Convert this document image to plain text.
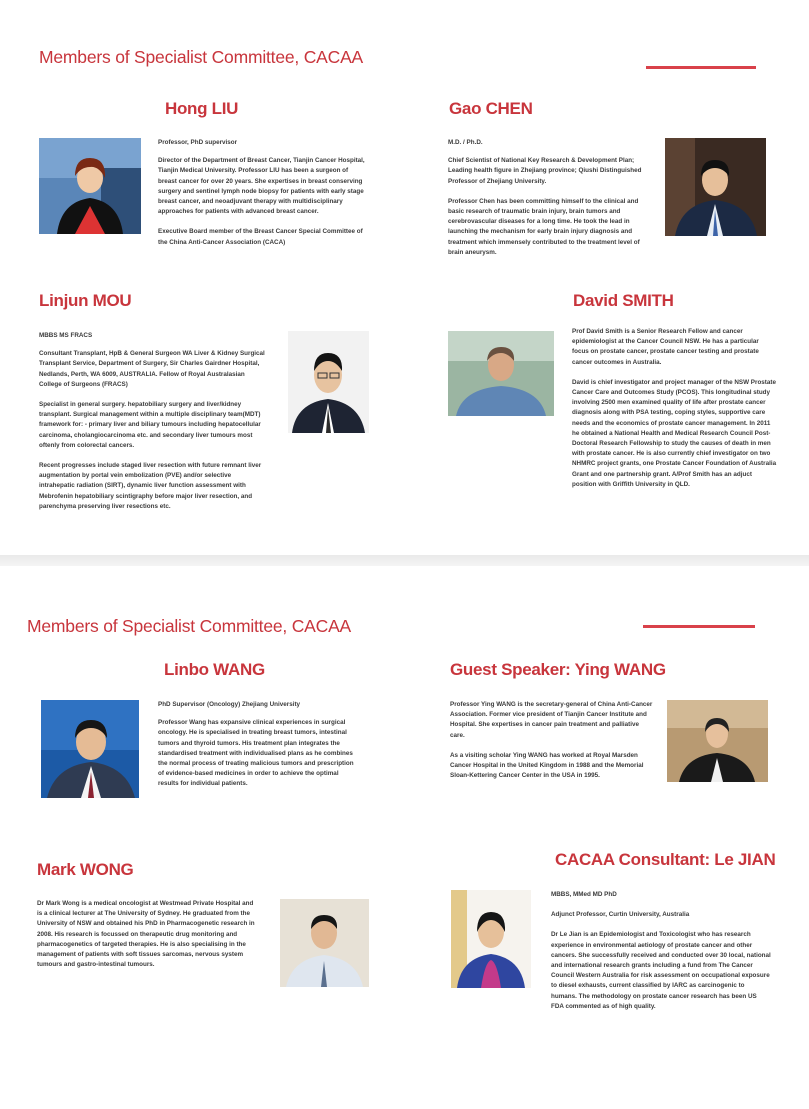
Members of Specialist Committee, CACAA
Hong LIU

Professor, PhD supervisor

Director of the Department of Breast Cancer, Tianjin Cancer Hospital, Tianjin Medical University. Professor LIU has been a surgeon of breast cancer for over 20 years. She expertises in breast conserving surgery and sentinel lymph node biopsy for patients with early stage breast cancer, and neoadjuvant therapy with multidisciplinary approaches for patients with advanced breast cancer.

Executive Board member of the Breast Cancer Special Committee of the China Anti-Cancer Association (CACA)

Gao CHEN

M.D. / Ph.D.

Chief Scientist of National Key Research & Development Plan; Leading health figure in Zhejiang province; Qiushi Distinguished Professor of Zhejiang University.

Professor Chen has been committing himself to the clinical and basic research of traumatic brain injury, brain tumors and cerebrovascular diseases for a long time. He took the lead in launching the mechanism for early brain injury diagnosis and treatment which immensely contributed to the treatment level of brain aneurysm.

Linjun MOU

MBBS MS FRACS

Consultant Transplant, HpB & General Surgeon WA Liver & Kidney Surgical Transplant Service, Department of Surgery, Sir Charles Gairdner Hospital, Nedlands, Perth, WA 6009, AUSTRALIA. Fellow of Royal Australasian College of Surgeons (FRACS)

Specialist in general surgery. hepatobiliary surgery and liver/kidney transplant. Surgical management within a multiple disciplinary team(MDT) framework for: - primary liver and biliary tumours including hepatocellular carcinoma, cholangiocarcinoma etc. and secondary liver tumours most oftenly from colorectal cancers.

Recent progresses include staged liver resection with future remnant liver augmentation by portal vein embolization (PVE) and/or selective intrahepatic radiation (SIRT), dynamic liver function assessment with Mebrofenin hepatobiliary scintigraphy before major liver resection, and parenchyma preserving liver resections etc.

David SMITH

Prof David Smith is a Senior Research Fellow and cancer epidemiologist at the Cancer Council NSW. He has a particular focus on prostate cancer, prostate cancer testing and prostate cancer outcomes in Australia.

David is chief investigator and project manager of the NSW Prostate Cancer Care and Outcomes Study (PCOS). This longitudinal study involving 2500 men examined quality of life after prostate cancer diagnosis along with PSA testing, coping styles, supportive care needs and the economics of prostate cancer management. In 2011 he obtained a National Health and Medical Research Council Post-Doctoral Research Fellowship to study the causes of death in men with prostate cancer. He is also currently chief investigator on two NHMRC project grants, one Prostate Cancer Foundation of Australia Grant and one partnership grant. A/Prof Smith has an adjuct position with Griffith University in QLD.

Members of Specialist Committee, CACAA
Linbo WANG

PhD Supervisor (Oncology) Zhejiang University

Professor Wang has expansive clinical experiences in surgical oncology. He is specialised in treating breast tumors, intestinal tumors and thyroid tumors. His treatment plan integrates the standardised treatment with individualised plans as he combines the normal process of treating malicious tumors and prescription of evidence-based medicines in order to achieve the optimal results for individual patients.

Guest Speaker: Ying WANG

Professor Ying WANG is the secretary-general of China Anti-Cancer Association. Former vice president of Tianjin Cancer Institute and Hospital. She expertises in cancer pain treatment and palliative care.

As a visiting scholar Ying WANG has worked at Royal Marsden Cancer Hospital in the United Kingdom in 1988 and the Memorial Sloan-Kettering Cancer Center in the USA in 1995.

Mark WONG

Dr Mark Wong is a medical oncologist at Westmead Private Hospital and is a clinical lecturer at The University of Sydney. He graduated from the University of NSW and obtained his PhD in Pharmacogenetic research in 2008. His research is focussed on therapeutic drug monitoring and pharmacogenetics of targeted therapies. He is also specialising in the management of patients with soft tissues sarcomas, nervous system tumours and gastro-intestinal tumours.

CACAA Consultant: Le JIAN

MBBS, MMed MD PhD

Adjunct Professor, Curtin University, Australia

Dr Le Jian is an Epidemiologist and Toxicologist who has research experience in environmental aetiology of prostate cancer and other cancers. She successfully received and conducted over 30 local, national and international research grants including a fund from The Cancer Council Western Australia for risk assessment on occupational exposure to diesel exhausts, current classified by IARC as carcinogenic to humans. The methodology on prostate cancer research has been US FDA commented as of high quality.
